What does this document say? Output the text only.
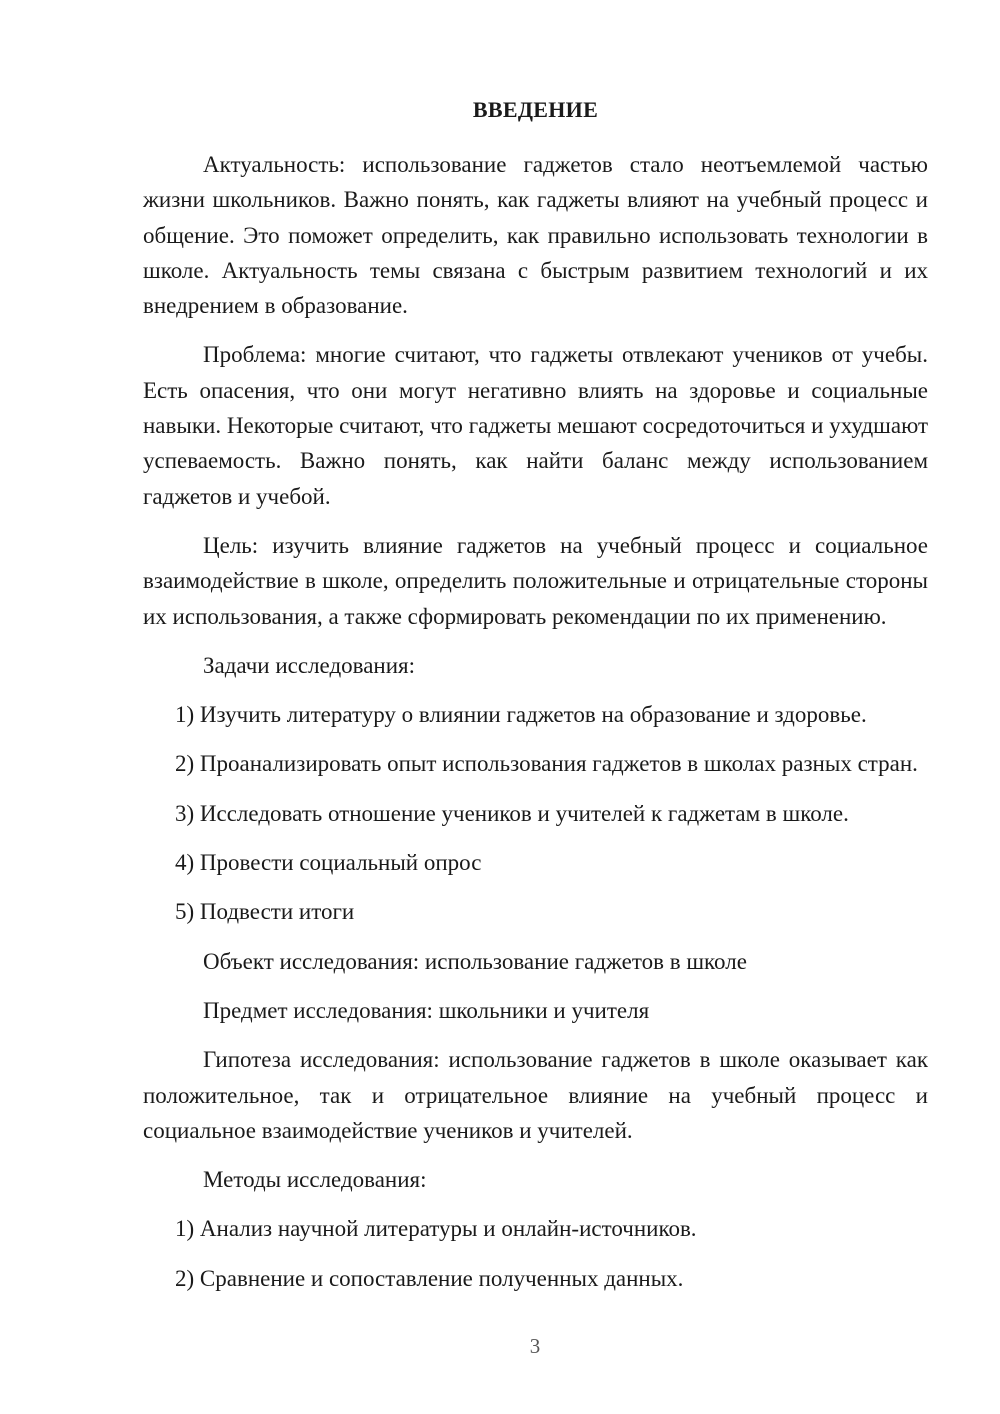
ВВЕДЕНИЕ

Актуальность: использование гаджетов стало неотъемлемой частью жизни школьников. Важно понять, как гаджеты влияют на учебный процесс и общение. Это поможет определить, как правильно использовать технологии в школе. Актуальность темы связана с быстрым развитием технологий и их внедрением в образование.

Проблема: многие считают, что гаджеты отвлекают учеников от учебы. Есть опасения, что они могут негативно влиять на здоровье и социальные навыки. Некоторые считают, что гаджеты мешают сосредоточиться и ухудшают успеваемость. Важно понять, как найти баланс между использованием гаджетов и учебой.

Цель: изучить влияние гаджетов на учебный процесс и социальное взаимодействие в школе, определить положительные и отрицательные стороны их использования, а также сформировать рекомендации по их применению.

Задачи исследования:

1) Изучить литературу о влиянии гаджетов на образование и здоровье.

2) Проанализировать опыт использования гаджетов в школах разных стран.

3) Исследовать отношение учеников и учителей к гаджетам в школе.

4) Провести социальный опрос

5) Подвести итоги

Объект исследования: использование гаджетов в школе

Предмет исследования: школьники и учителя

Гипотеза исследования: использование гаджетов в школе оказывает как положительное, так и отрицательное влияние на учебный процесс и социальное взаимодействие учеников и учителей.

Методы исследования:

1) Анализ научной литературы и онлайн-источников.

2) Сравнение и сопоставление полученных данных.

3
